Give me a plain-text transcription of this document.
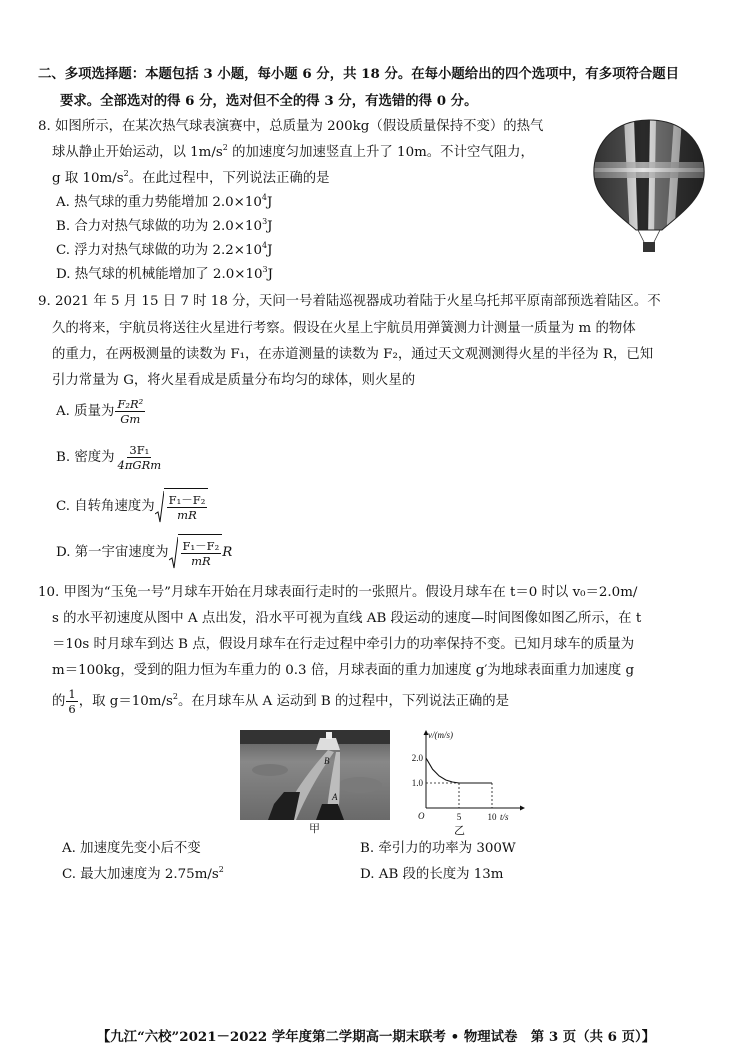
二、多项选择题：本题包括 3 小题，每小题 6 分，共 18 分。在每小题给出的四个选项中，有多项符合题目
要求。全部选对的得 6 分，选对但不全的得 3 分，有选错的得 0 分。
8. 如图所示，在某次热气球表演赛中，总质量为 200kg（假设质量保持不变）的热气
球从静止开始运动，以 $1m/s^2$ 的加速度匀加速竖直上升了 10m。不计空气阻力，
g 取 $10m/s^2$。在此过程中，下列说法正确的是
A. 热气球的重力势能增加 $2.0\times 10^4J$
B. 合力对热气球做的功为 $2.0\times 10^3J$
C. 浮力对热气球做的功为 $2.2\times 10^4J$
D. 热气球的机械能增加了 $2.0\times 10^3J$
9. 2021 年 5 月 15 日 7 时 18 分，天问一号着陆巡视器成功着陆于火星乌托邦平原南部预选着陆区。不
久的将来，宇航员将送往火星进行考察。假设在火星上宇航员用弹簧测力计测量一质量为 m 的物体
的重力，在两极测量的读数为 F₁，在赤道测量的读数为 F₂，通过天文观测测得火星的半径为 R，已知
引力常量为 G，将火星看成是质量分布均匀的球体，则火星的
A. 质量为 $\frac{\text{F₂R²}}{Gm}$
B. 密度为 $\frac{\text{3F₁}}{\text{4πGRm}}$
C. 自转角速度为 $\frac{\text{F₁－F₂}}{mR}$
D. 第一宇宙速度为 $\frac{\text{F₁－F₂}}{mR}$ R
10. 甲图为“玉兔一号”月球车开始在月球表面行走时的一张照片。假设月球车在 t＝0 时以 v₀＝2.0m/
s 的水平初速度从图中 A 点出发，沿水平可视为直线 AB 段运动的速度—时间图像如图乙所示，在 t
＝10s 时月球车到达 B 点，假设月球车在行走过程中牵引力的功率保持不变。已知月球车的质量为
m＝100kg，受到的阻力恒为车重力的 0.3 倍，月球表面的重力加速度 g′为地球表面重力加速度 g
的 $\frac{1}{6}$ ，取 $g=10m/s^2$。在月球车从 A 运动到 B 的过程中，下列说法正确的是
B
A
甲
v/(m/s)
t/s
O
1.0
2.0
5	10
乙
A. 加速度先变小后不变	B. 牵引力的功率为 300W
C. 最大加速度为 $2.75m/s^2$	D. AB 段的长度为 13m
【九江“六校”2021－2022 学年度第二学期高一期末联考 • 物理试卷　第 3 页（共 6 页）】
